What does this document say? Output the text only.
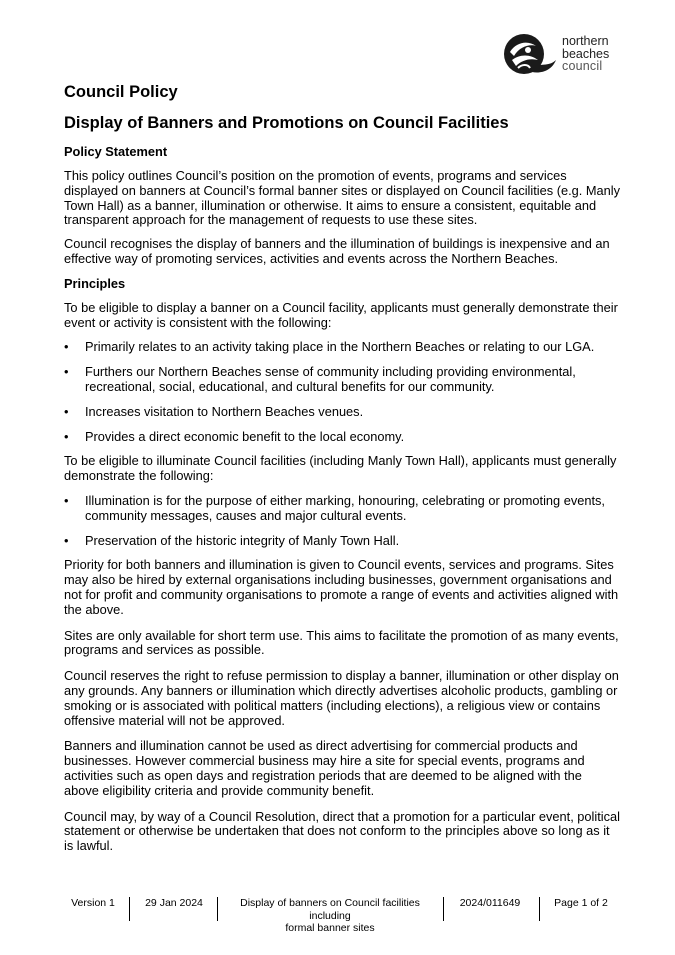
northern
beaches
council
Council Policy
Display of Banners and Promotions on Council Facilities
Policy Statement

This policy outlines Council’s position on the promotion of events, programs and services displayed on banners at Council’s formal banner sites or displayed on Council facilities (e.g. Manly Town Hall) as a banner, illumination or otherwise. It aims to ensure a consistent, equitable and transparent approach for the management of requests to use these sites.

Council recognises the display of banners and the illumination of buildings is inexpensive and an effective way of promoting services, activities and events across the Northern Beaches.

Principles

To be eligible to display a banner on a Council facility, applicants must generally demonstrate their event or activity is consistent with the following:

• Primarily relates to an activity taking place in the Northern Beaches or relating to our LGA.
• Furthers our Northern Beaches sense of community including providing environmental, recreational, social, educational, and cultural benefits for our community.
• Increases visitation to Northern Beaches venues.
• Provides a direct economic benefit to the local economy.

To be eligible to illuminate Council facilities (including Manly Town Hall), applicants must generally demonstrate the following:

• Illumination is for the purpose of either marking, honouring, celebrating or promoting events, community messages, causes and major cultural events.
• Preservation of the historic integrity of Manly Town Hall.

Priority for both banners and illumination is given to Council events, services and programs. Sites may also be hired by external organisations including businesses, government organisations and not for profit and community organisations to promote a range of events and activities aligned with the above.

Sites are only available for short term use. This aims to facilitate the promotion of as many events, programs and services as possible.

Council reserves the right to refuse permission to display a banner, illumination or other display on any grounds. Any banners or illumination which directly advertises alcoholic products, gambling or smoking or is associated with political matters (including elections), a religious view or contains offensive material will not be approved.

Banners and illumination cannot be used as direct advertising for commercial products and businesses. However commercial business may hire a site for special events, programs and activities such as open days and registration periods that are deemed to be aligned with the above eligibility criteria and provide community benefit.

Council may, by way of a Council Resolution, direct that a promotion for a particular event, political statement or otherwise be undertaken that does not conform to the principles above so long as it is lawful.

Version 1	29 Jan 2024	Display of banners on Council facilities including
formal banner sites
2024/011649	Page 1 of 2
